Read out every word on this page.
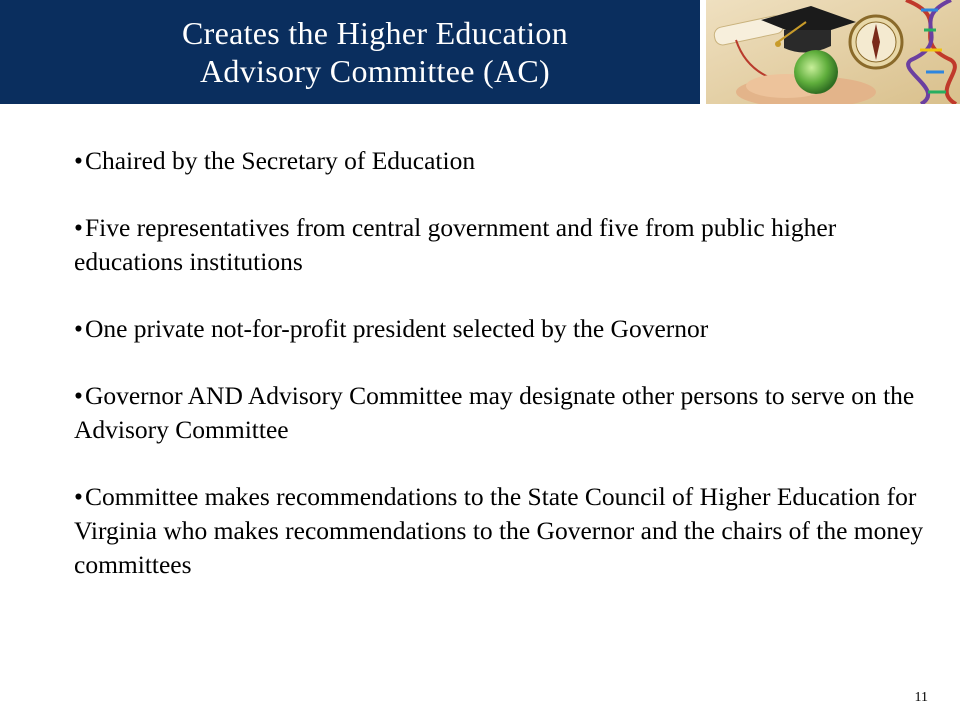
Creates the Higher Education
Advisory Committee (AC)
•Chaired by the Secretary of Education
•Five representatives from central government and five from public higher educations institutions
•One private not-for-profit president selected by the Governor
•Governor AND Advisory Committee may designate other persons to serve on the Advisory Committee
•Committee makes recommendations to the State Council of Higher Education for Virginia who makes recommendations to the Governor and the chairs of the money committees
11
